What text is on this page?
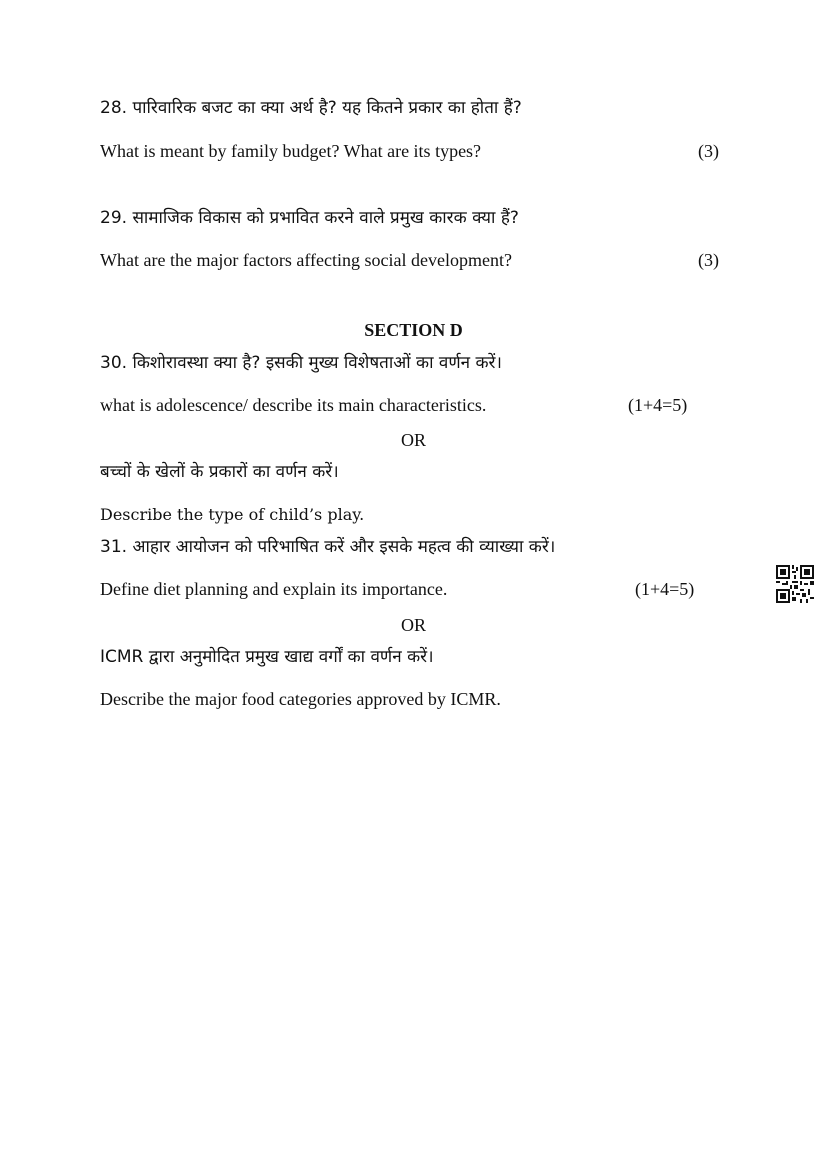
28. पारिवारिक बजट का क्या अर्थ है? यह कितने प्रकार का होता हैं?
What is meant by family budget? What are its types?	(3)
29. सामाजिक विकास को प्रभावित करने वाले प्रमुख कारक क्या हैं?
What are the major factors affecting social development?	(3)
SECTION D
30. किशोरावस्था क्या है? इसकी मुख्य विशेषताओं का वर्णन करें।
what is adolescence/ describe its main characteristics.	(1+4=5)
OR
बच्चों के खेलों के प्रकारों का वर्णन करें।
Describe the type of child’s play.
31. आहार आयोजन को परिभाषित करें और इसके महत्व की व्याख्या करें।
Define diet planning and explain its importance.	(1+4=5)
OR
ICMR द्वारा अनुमोदित प्रमुख खाद्य वर्गों का वर्णन करें।
Describe the major food categories approved by ICMR.
